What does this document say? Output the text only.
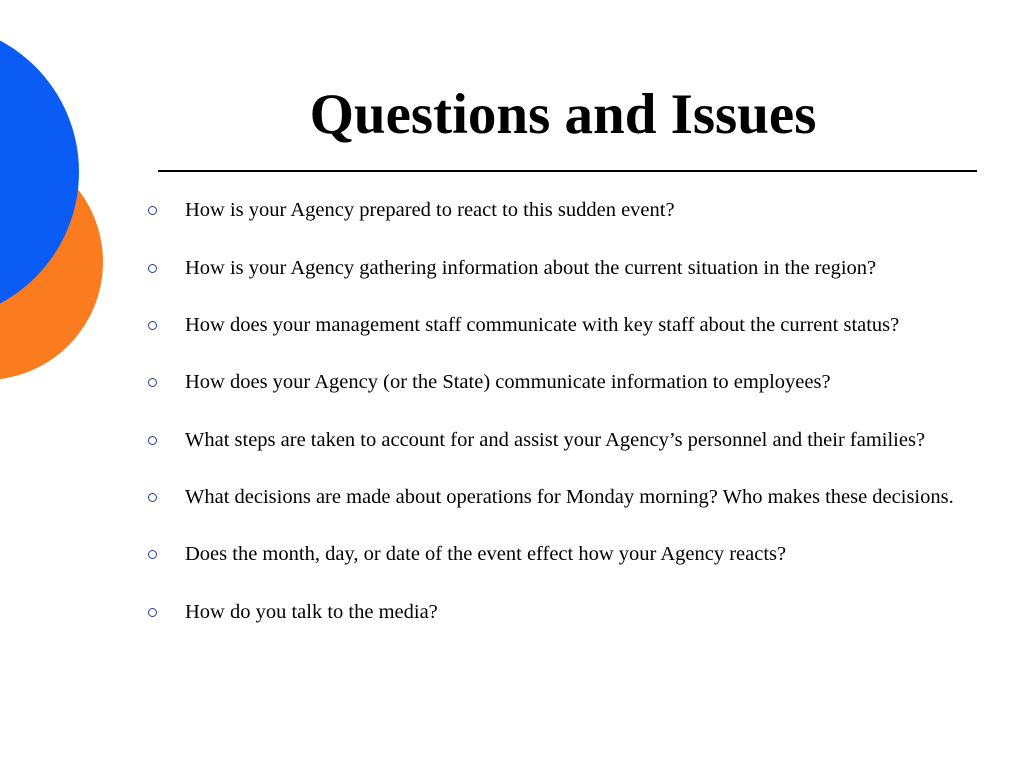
Questions and Issues
How is your Agency prepared to react to this sudden event?
How is your Agency gathering information about the current situation in the region?
How does your management staff communicate with key staff about the current status?
How does your Agency (or the State) communicate information to employees?
What steps are taken to account for and assist your Agency’s personnel and their families?
What decisions are made about operations for Monday morning? Who makes these decisions.
Does the month, day, or date of the event effect how your Agency reacts?
How do you talk to the media?
